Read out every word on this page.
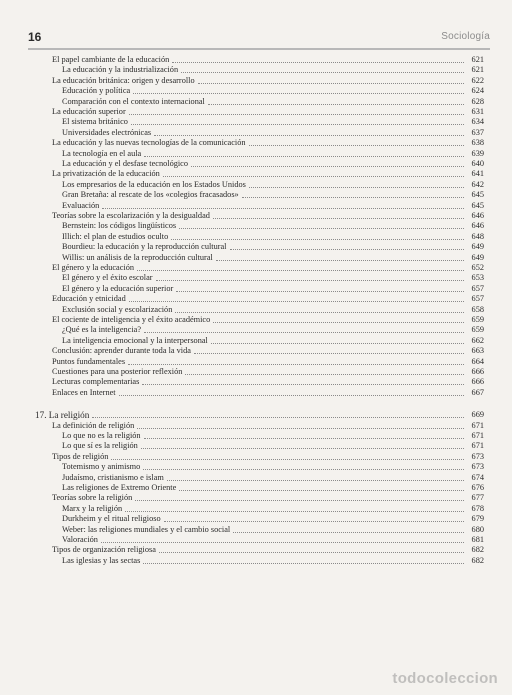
16	Sociología
El papel cambiante de la educación	621
La educación y la industrialización	621
La educación británica: origen y desarrollo	622
Educación y política	624
Comparación con el contexto internacional	628
La educación superior	631
El sistema británico	634
Universidades electrónicas	637
La educación y las nuevas tecnologías de la comunicación	638
La tecnología en el aula	639
La educación y el desfase tecnológico	640
La privatización de la educación	641
Los empresarios de la educación en los Estados Unidos	642
Gran Bretaña: al rescate de los «colegios fracasados»	645
Evaluación	645
Teorías sobre la escolarización y la desigualdad	646
Bernstein: los códigos lingüísticos	646
Illich: el plan de estudios oculto	648
Bourdieu: la educación y la reproducción cultural	649
Willis: un análisis de la reproducción cultural	649
El género y la educación	652
El género y el éxito escolar	653
El género y la educación superior	657
Educación y etnicidad	657
Exclusión social y escolarización	658
El cociente de inteligencia y el éxito académico	659
¿Qué es la inteligencia?	659
La inteligencia emocional y la interpersonal	662
Conclusión: aprender durante toda la vida	663
Puntos fundamentales	664
Cuestiones para una posterior reflexión	666
Lecturas complementarias	666
Enlaces en Internet	667
17. La religión	669
La definición de religión	671
Lo que no es la religión	671
Lo que sí es la religión	671
Tipos de religión	673
Totemismo y animismo	673
Judaísmo, cristianismo e islam	674
Las religiones de Extremo Oriente	676
Teorías sobre la religión	677
Marx y la religión	678
Durkheim y el ritual religioso	679
Weber: las religiones mundiales y el cambio social	680
Valoración	681
Tipos de organización religiosa	682
Las iglesias y las sectas	682
todocoleccion
